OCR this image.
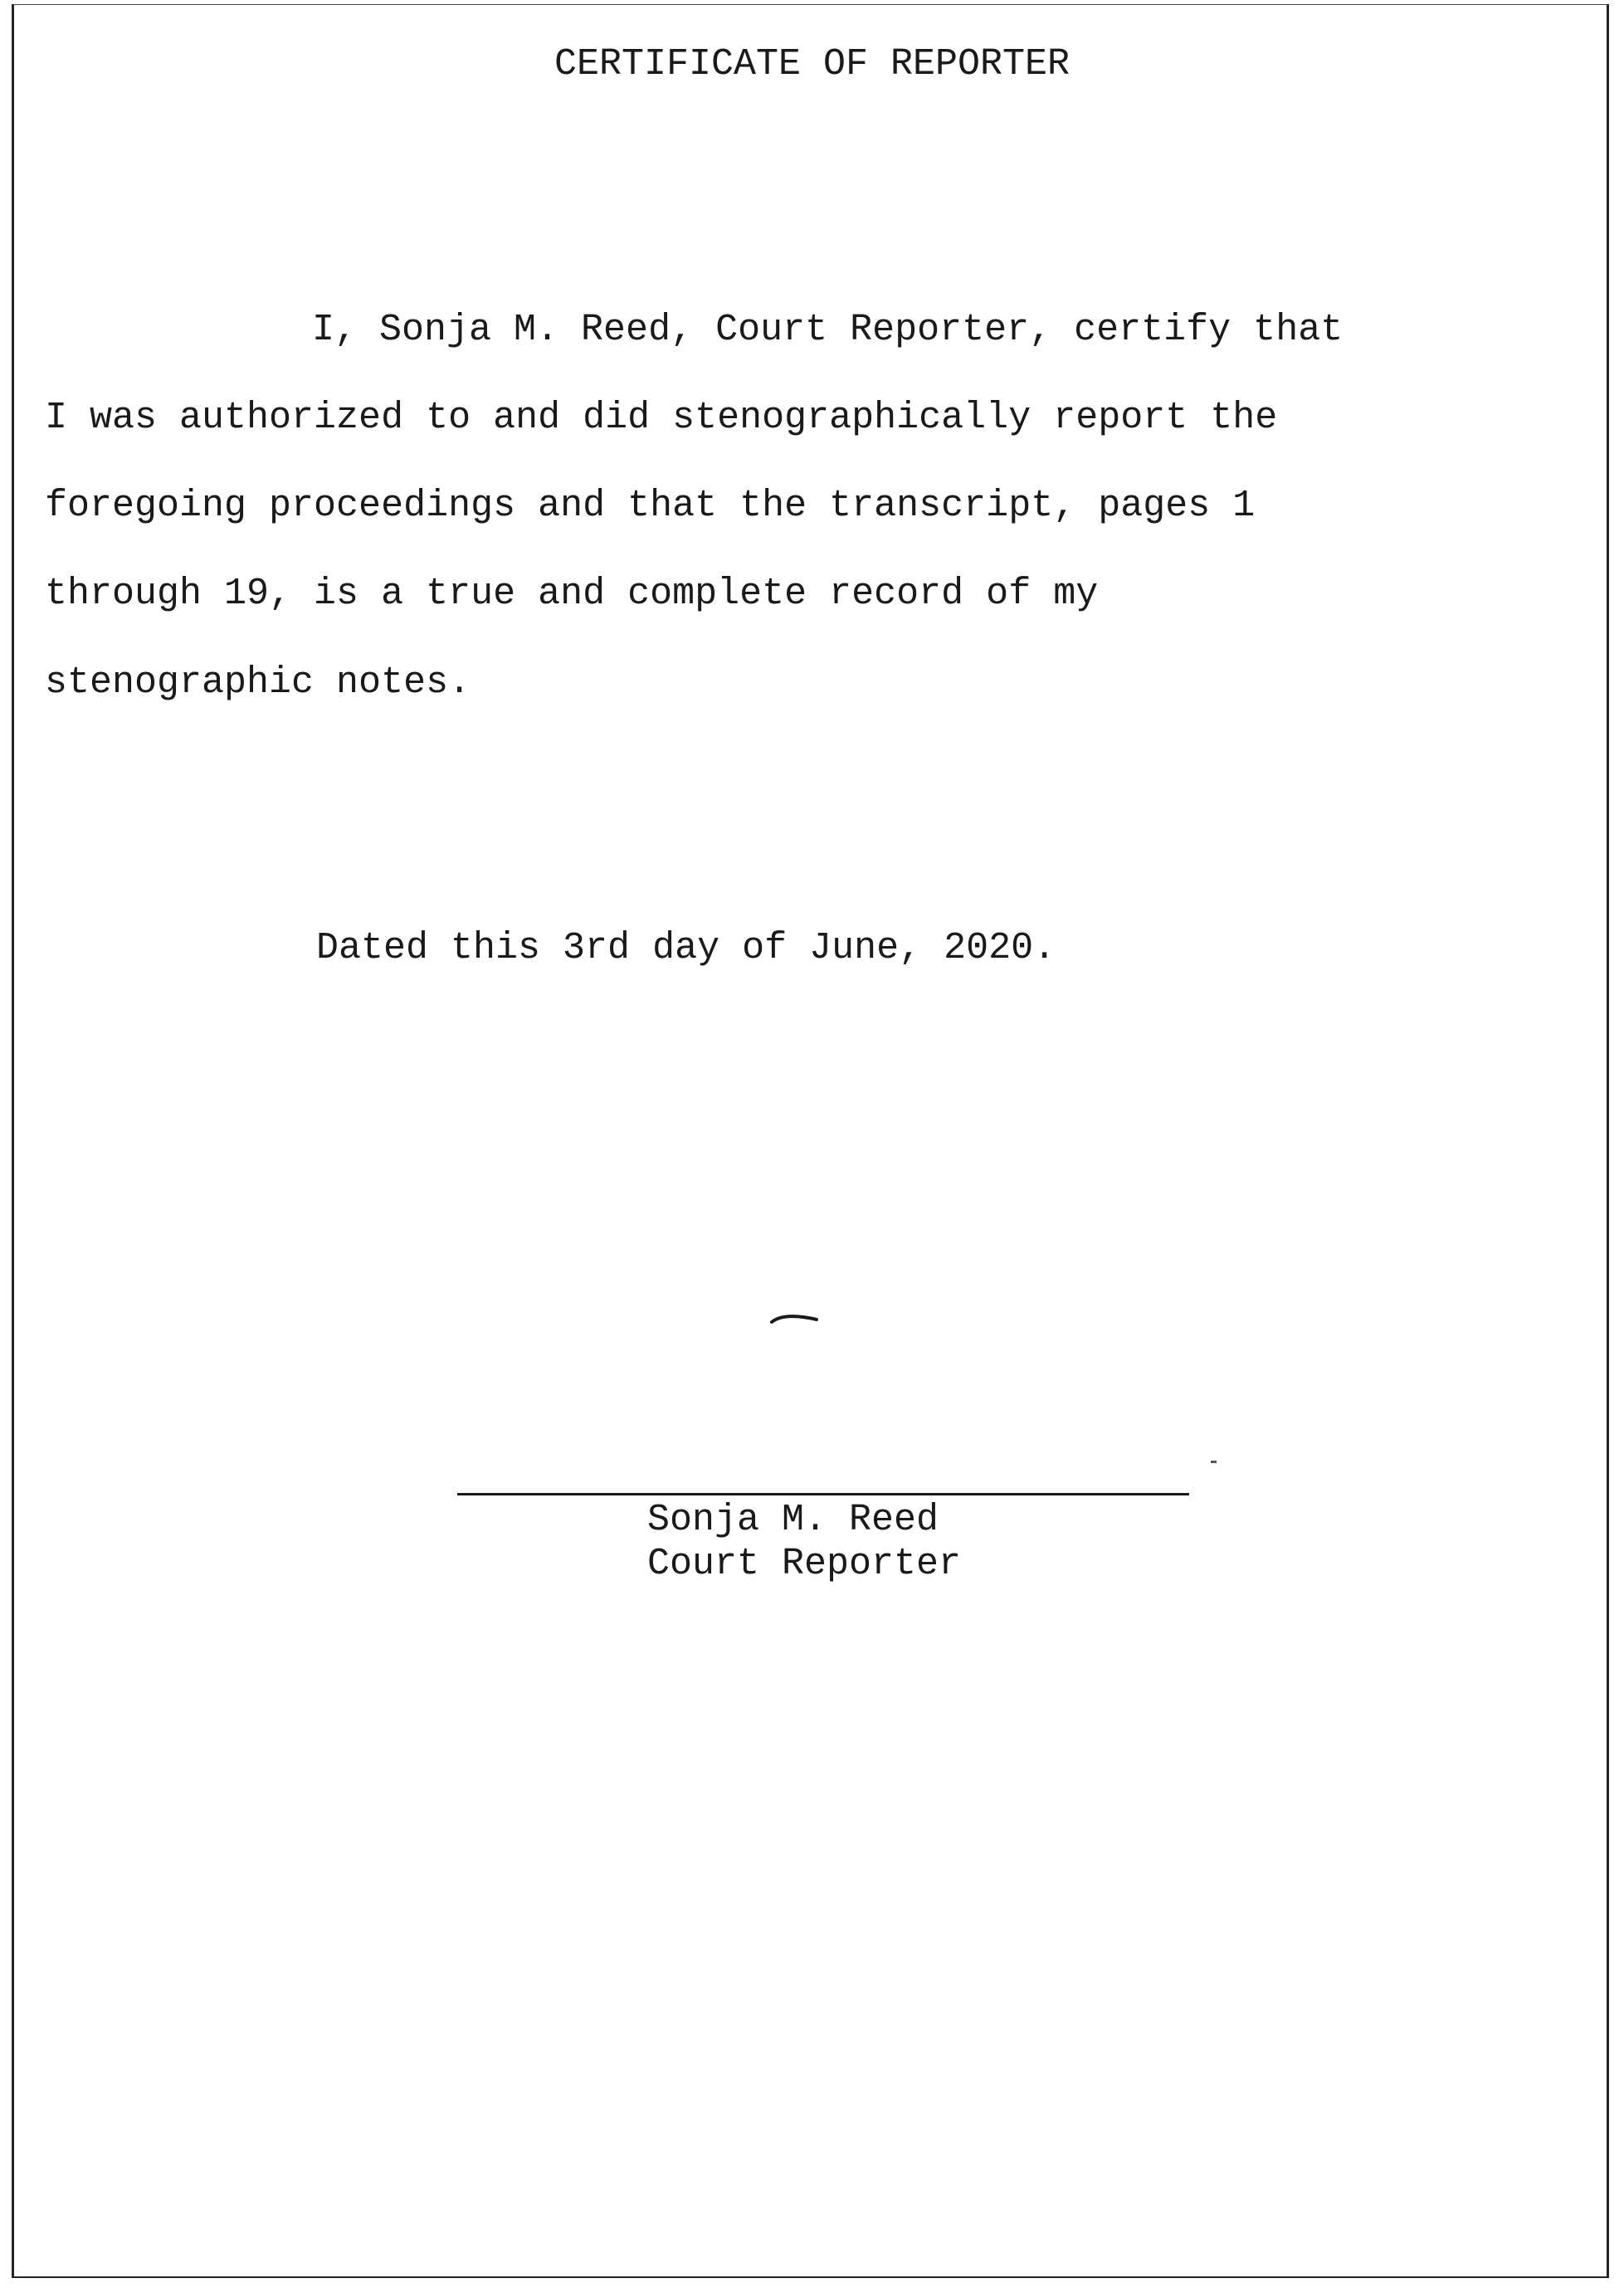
CERTIFICATE OF REPORTER
I, Sonja M. Reed, Court Reporter, certify that
I was authorized to and did stenographically report the
foregoing proceedings and that the transcript, pages 1
through 19, is a true and complete record of my
stenographic notes.
Dated this 3rd day of June, 2020.
Sonja M. Reed
Court Reporter
